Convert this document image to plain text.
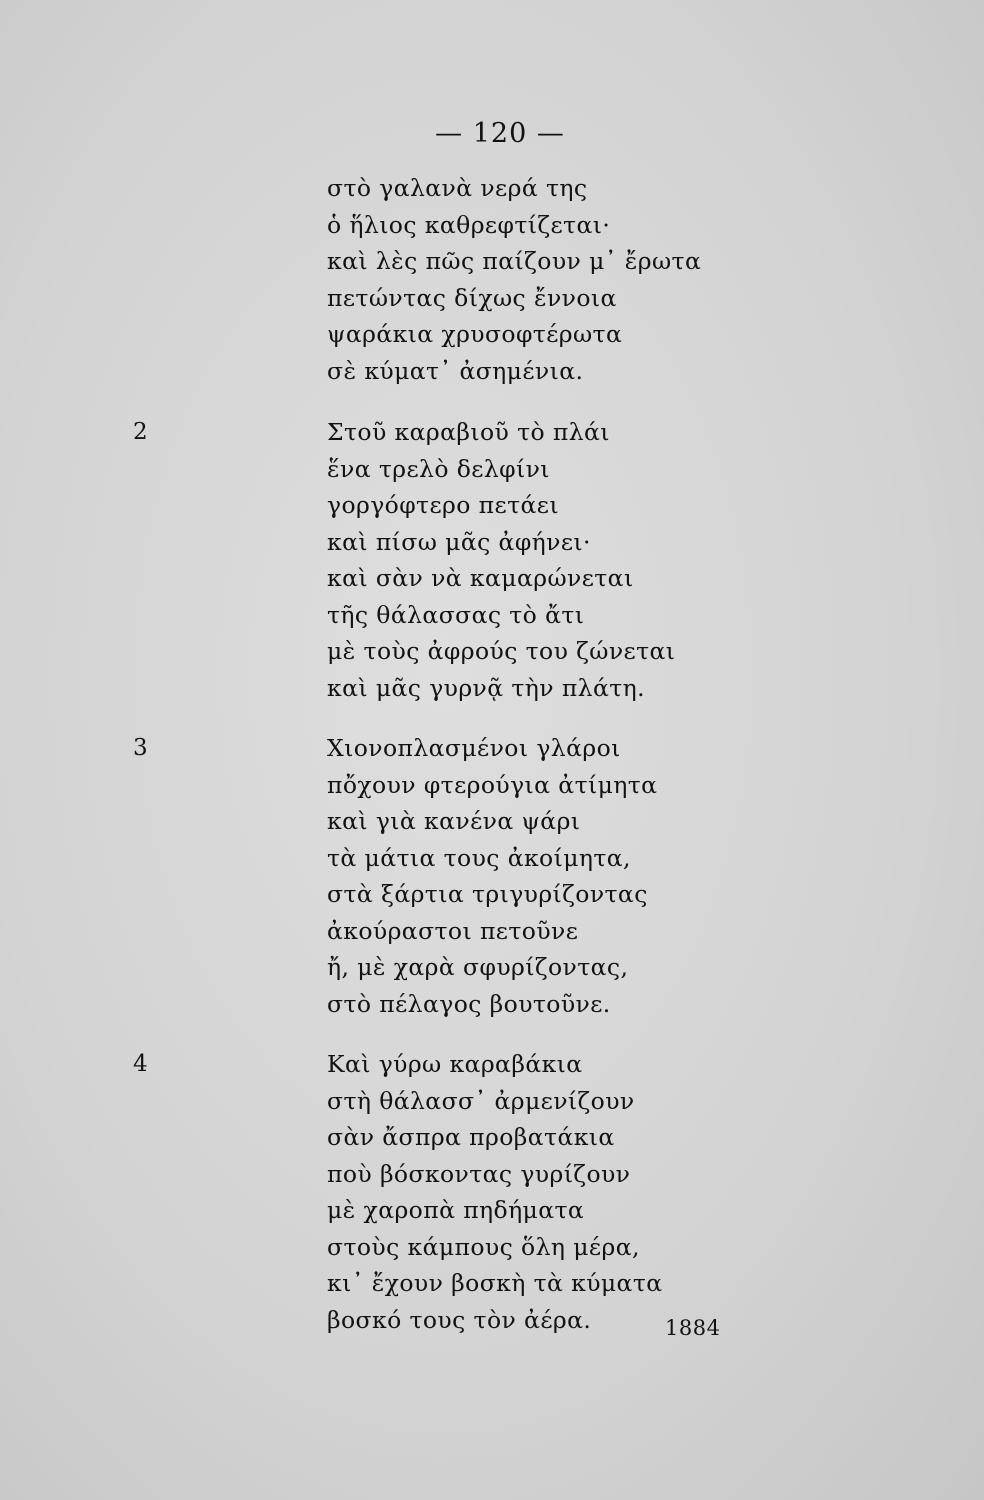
— 120 —
στὸ γαλανὰ νερά της
ὁ ἥλιος καθρεφτίζεται·
καὶ λὲς πῶς παίζουν μ᾿ ἔρωτα
πετώντας δίχως ἔννοια
ψαράκια χρυσοφτέρωτα
σὲ κύματ᾿ ἀσημένια.
2	Στοῦ καραβιοῦ τὸ πλάι
ἕνα τρελὸ δελφίνι
γοργόφτερο πετάει
καὶ πίσω μᾶς ἀφήνει·
καὶ σὰν νὰ καμαρώνεται
τῆς θάλασσας τὸ ἄτι
μὲ τοὺς ἀφρούς του ζώνεται
καὶ μᾶς γυρνᾷ τὴν πλάτη.
3	Χιονοπλασμένοι γλάροι
πὄχουν φτερούγια ἀτίμητα
καὶ γιὰ κανένα ψάρι
τὰ μάτια τους ἀκοίμητα,
στὰ ξάρτια τριγυρίζοντας
ἀκούραστοι πετοῦνε
ἤ, μὲ χαρὰ σφυρίζοντας,
στὸ πέλαγος βουτοῦνε.
4	Καὶ γύρω καραβάκια
στὴ θάλασσ᾿ ἀρμενίζουν
σὰν ἄσπρα προβατάκια
ποὺ βόσκοντας γυρίζουν
μὲ χαροπὰ πηδήματα
στοὺς κάμπους ὅλη μέρα,
κι᾿ ἔχουν βοσκὴ τὰ κύματα
βοσκό τους τὸν ἀέρα.	1884
